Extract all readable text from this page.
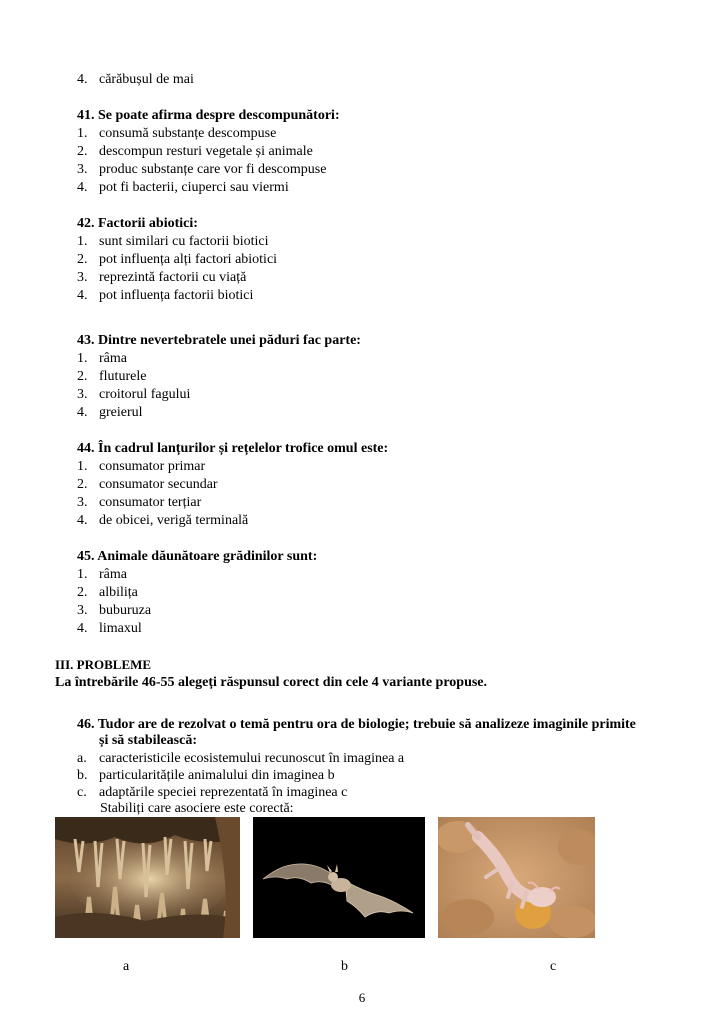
4. cărăbușul de mai
41. Se poate afirma despre descompunători:
1. consumă substanțe descompuse
2. descompun resturi vegetale și animale
3. produc substanțe care vor fi descompuse
4. pot fi bacterii, ciuperci sau viermi
42. Factorii abiotici:
1. sunt similari cu factorii biotici
2. pot influența alți factori abiotici
3. reprezintă factorii cu viață
4. pot influența factorii biotici
43. Dintre nevertebratele unei păduri fac parte:
1. râma
2. fluturele
3. croitorul fagului
4. greierul
44. În cadrul lanțurilor și rețelelor trofice omul este:
1. consumator primar
2. consumator secundar
3. consumator terțiar
4. de obicei, verigă terminală
45. Animale dăunătoare grădinilor sunt:
1. râma
2. albilița
3. buburuza
4. limaxul
III. PROBLEME
La întrebările 46-55 alegeți răspunsul corect din cele 4 variante propuse.
46. Tudor are de rezolvat o temă pentru ora de biologie; trebuie să analizeze imaginile primite
și să stabilească:
a. caracteristicile ecosistemului recunoscut în imaginea a
b. particularitățile animalului din imaginea b
c. adaptările speciei reprezentată în imaginea c
Stabiliți care asociere este corectă:
a	b	c
6
